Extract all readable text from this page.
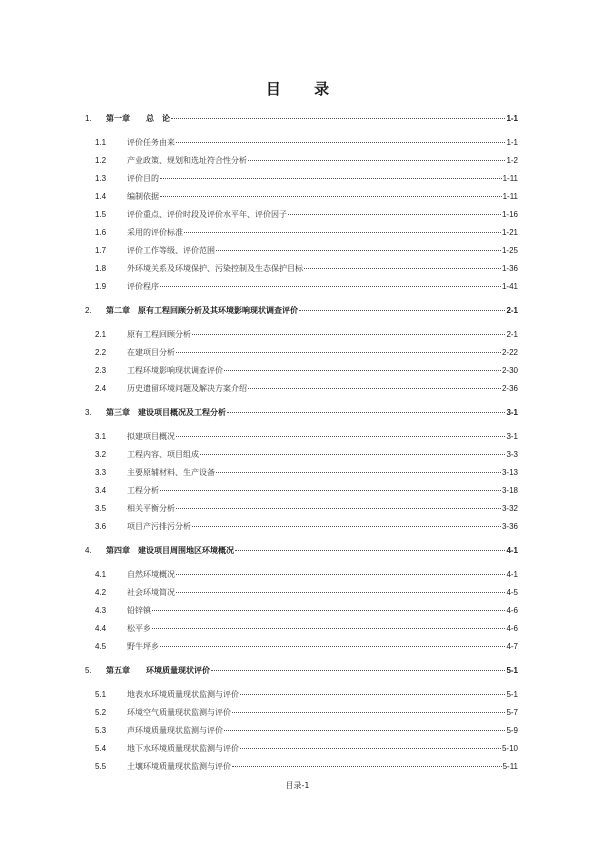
目 录
1.	第一章　　总　论	1-1
1.1	评价任务由来	1-1
1.2	产业政策、规划和选址符合性分析	1-2
1.3	评价目的	1-11
1.4	编制依据	1-11
1.5	评价重点、评价时段及评价水平年、评价因子	1-16
1.6	采用的评价标准	1-21
1.7	评价工作等级、评价范围	1-25
1.8	外环境关系及环境保护、污染控制及生态保护目标	1-36
1.9	评价程序	1-41
2.	第二章　原有工程回顾分析及其环境影响现状调查评价	2-1
2.1	原有工程回顾分析	2-1
2.2	在建项目分析	2-22
2.3	工程环境影响现状调查评价	2-30
2.4	历史遗留环境问题及解决方案介绍	2-36
3.	第三章　建设项目概况及工程分析	3-1
3.1	拟建项目概况	3-1
3.2	工程内容、项目组成	3-3
3.3	主要原辅材料、生产设备	3-13
3.4	工程分析	3-18
3.5	相关平衡分析	3-32
3.6	项目产污排污分析	3-36
4.	第四章　建设项目周围地区环境概况	4-1
4.1	自然环境概况	4-1
4.2	社会环境简况	4-5
4.3	铅锌镇	4-6
4.4	松平乡	4-6
4.5	野牛坪乡	4-7
5.	第五章　　环境质量现状评价	5-1
5.1	地表水环境质量现状监测与评价	5-1
5.2	环境空气质量现状监测与评价	5-7
5.3	声环境质量现状监测与评价	5-9
5.4	地下水环境质量现状监测与评价	5-10
5.5	土壤环境质量现状监测与评价	5-11
目录-1
